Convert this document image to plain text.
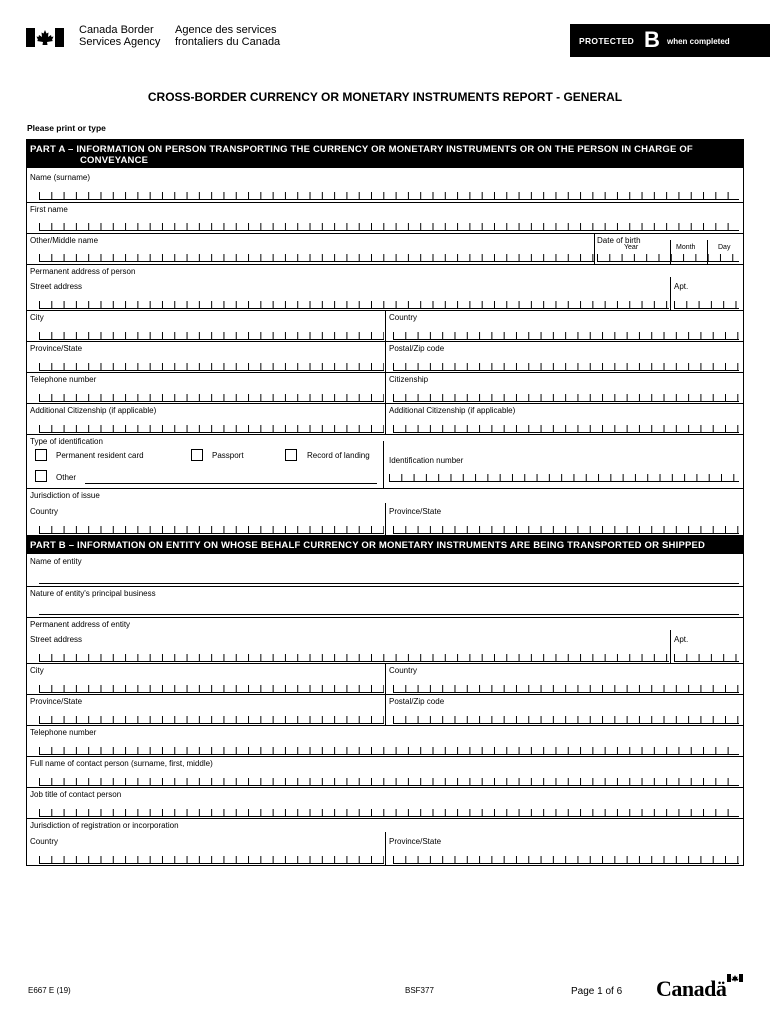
Canada Border
Services Agency
Agence des services
frontaliers du Canada	PROTECTED B when completed
CROSS-BORDER CURRENCY OR MONETARY INSTRUMENTS REPORT - GENERAL
Please print or type
PART A – INFORMATION ON PERSON TRANSPORTING THE CURRENCY OR MONETARY INSTRUMENTS OR ON THE PERSON IN CHARGE OF
CONVEYANCE
Name (surname)
First name
Other/Middle name	Date of birth
Year	Month	Day
Permanent address of person
Street address	Apt.
City	Country
Province/State	Postal/Zip code
Telephone number	Citizenship
Additional Citizenship (if applicable)	Additional Citizenship (if applicable)
Type of identification
Permanent resident card	Passport	Record of landing
Identification number
Other
Jurisdiction of issue
Country	Province/State
PART B – INFORMATION ON ENTITY ON WHOSE BEHALF CURRENCY OR MONETARY INSTRUMENTS ARE BEING TRANSPORTED OR SHIPPED
Name of entity
Nature of entity's principal business
Permanent address of entity
Street address	Apt.
City	Country
Province/State	Postal/Zip code
Telephone number
Full name of contact person (surname, first, middle)
Job title of contact person
Jurisdiction of registration or incorporation
Country	Province/State
E667 E (19)	BSF377	Page 1 of 6 Canadä
